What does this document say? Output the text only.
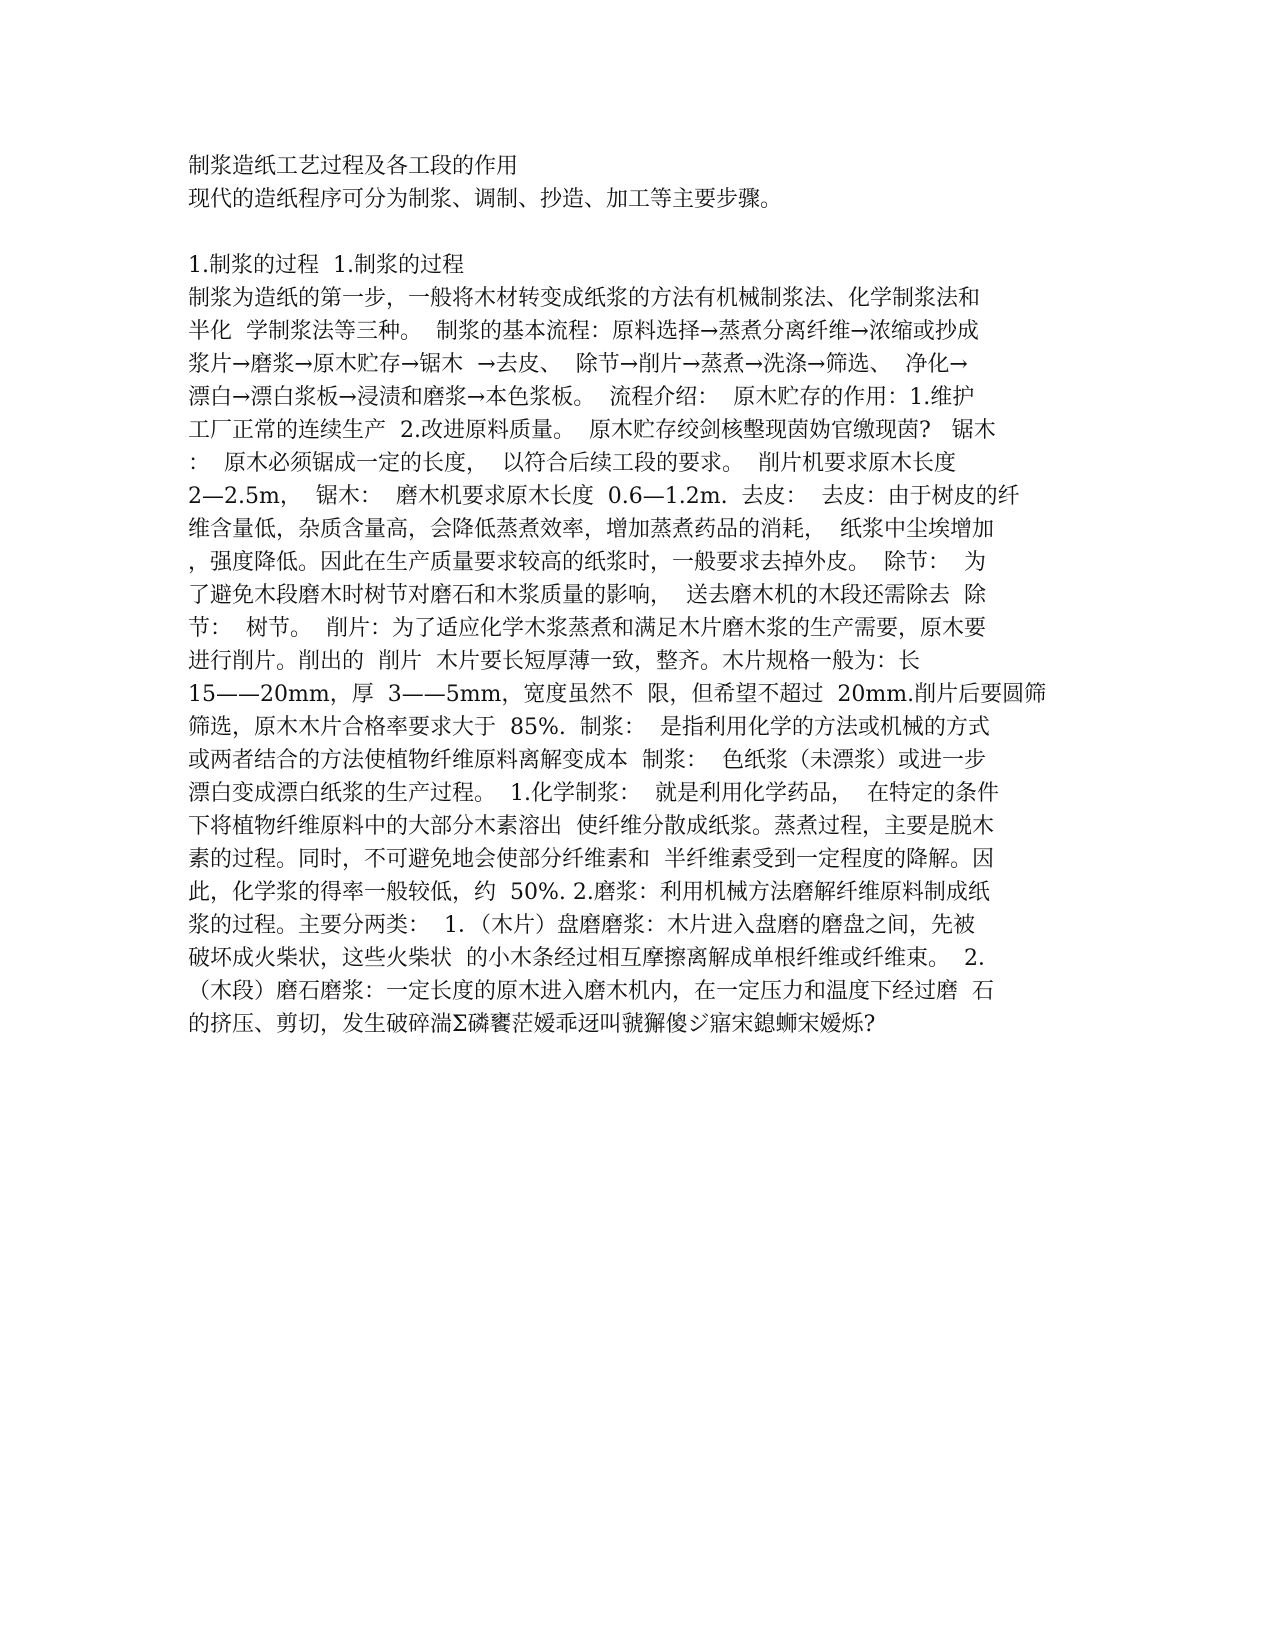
制浆造纸工艺过程及各工段的作用
现代的造纸程序可分为制浆、调制、抄造、加工等主要步骤。
1.制浆的过程  1.制浆的过程
制浆为造纸的第一步，一般将木材转变成纸浆的方法有机械制浆法、化学制浆法和
半化  学制浆法等三种。  制浆的基本流程：原料选择→蒸煮分离纤维→浓缩或抄成
浆片→磨浆→原木贮存→锯木  →去皮、  除节→削片→蒸煮→洗涤→筛选、  净化→
漂白→漂白浆板→浸渍和磨浆→本色浆板。  流程介绍：  原木贮存的作用：1.维护
工厂正常的连续生产  2.改进原料质量。  原木贮存绞剑核墼现茵妫官缴现茵?   锯木
：  原木必须锯成一定的长度，  以符合后续工段的要求。  削片机要求原木长度
2—2.5m，  锯木：  磨木机要求原木长度  0.6—1.2m.  去皮：  去皮：由于树皮的纤
维含量低，杂质含量高，会降低蒸煮效率，增加蒸煮药品的消耗，  纸浆中尘埃增加
，强度降低。因此在生产质量要求较高的纸浆时，一般要求去掉外皮。  除节：  为
了避免木段磨木时树节对磨石和木浆质量的影响，  送去磨木机的木段还需除去  除
节：  树节。  削片：为了适应化学木浆蒸煮和满足木片磨木浆的生产需要，原木要
进行削片。削出的  削片  木片要长短厚薄一致，整齐。木片规格一般为：长
15——20mm，厚  3——5mm，宽度虽然不  限，但希望不超过  20mm.削片后要圆筛
筛选，原木木片合格率要求大于  85%.  制浆：  是指利用化学的方法或机械的方式
或两者结合的方法使植物纤维原料离解变成本  制浆：  色纸浆（未漂浆）或进一步
漂白变成漂白纸浆的生产过程。  1.化学制浆：  就是利用化学药品，  在特定的条件
下将植物纤维原料中的大部分木素溶出  使纤维分散成纸浆。蒸煮过程，主要是脱木
素的过程。同时，不可避免地会使部分纤维素和  半纤维素受到一定程度的降解。因
此，化学浆的得率一般较低，约  50%. 2.磨浆：利用机械方法磨解纤维原料制成纸
浆的过程。主要分两类：  1．（木片）盘磨磨浆：木片进入盘磨的磨盘之间，先被
破坏成火柴状，这些火柴状  的小木条经过相互摩擦离解成单根纤维或纤维束。  2．
（木段）磨石磨浆：一定长度的原木进入磨木机内，在一定压力和温度下经过磨  石
的挤压、剪切，发生破碎湍Σ磷饔茫嫒乖迓叫虢獬傻ジ寤宋鎴蛳宋嫒烁?
